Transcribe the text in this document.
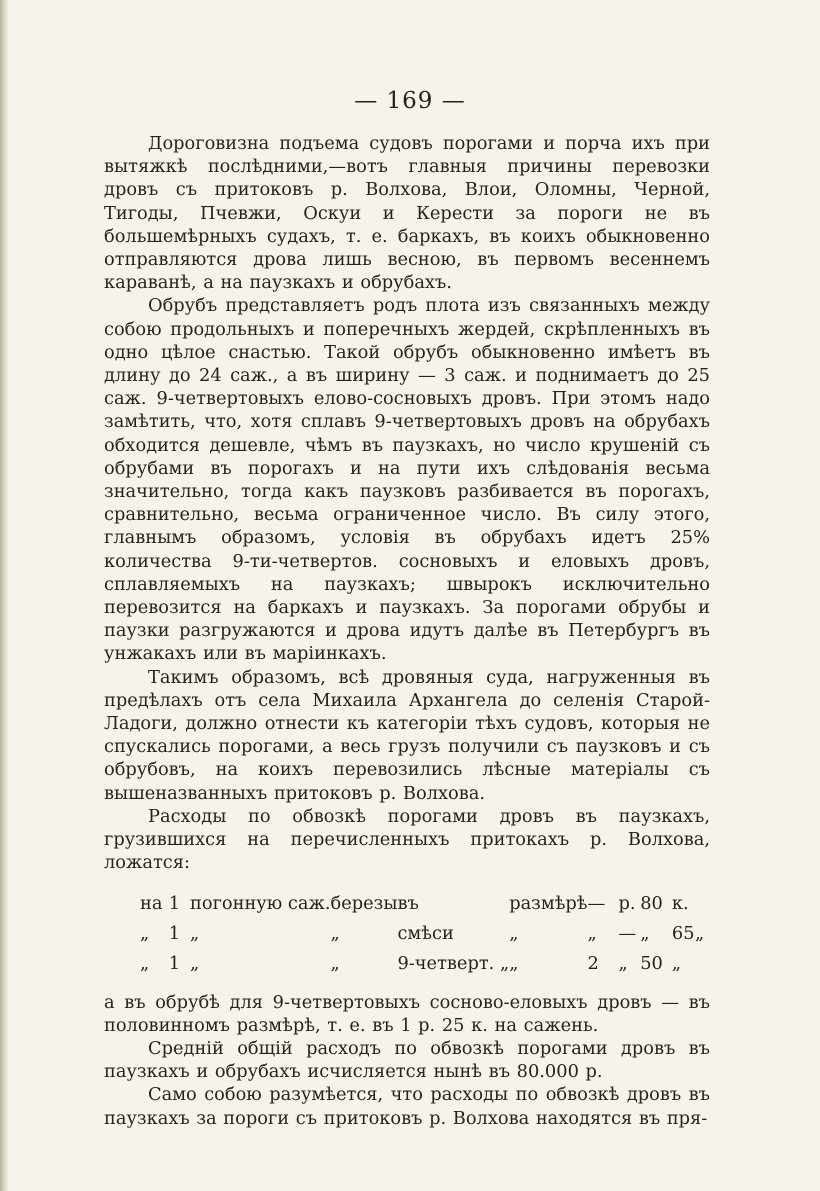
— 169 —

Дороговизна подъема судовъ порогами и порча ихъ при вытяжкѣ послѣдними,—вотъ главныя причины перевозки дровъ съ притоковъ р. Волхова, Влои, Оломны, Черной, Тигоды, Пчевжи, Оскуи и Керести за пороги не въ большемѣрныхъ судахъ, т. е. баркахъ, въ коихъ обыкновенно отправляются дрова лишь весною, въ первомъ весеннемъ караванѣ, а на паузкахъ и обрубахъ.

Обрубъ представляетъ родъ плота изъ связанныхъ между собою продольныхъ и поперечныхъ жердей, скрѣпленныхъ въ одно цѣлое снастью. Такой обрубъ обыкновенно имѣетъ въ длину до 24 саж., а въ ширину — 3 саж. и поднимаетъ до 25 саж. 9-четвертовыхъ елово-сосновыхъ дровъ. При этомъ надо замѣтить, что, хотя сплавъ 9-четвертовыхъ дровъ на обрубахъ обходится дешевле, чѣмъ въ паузкахъ, но число крушеній съ обрубами въ порогахъ и на пути ихъ слѣдованія весьма значительно, тогда какъ паузковъ разбивается въ порогахъ, сравнительно, весьма ограниченное число. Въ силу этого, главнымъ образомъ, условія въ обрубахъ идетъ 25% количества 9-ти-четвертов. сосновыхъ и еловыхъ дровъ, сплавляемыхъ на паузкахъ; швырокъ исключительно перевозится на баркахъ и паузкахъ. За порогами обрубы и паузки разгружаются и дрова идутъ далѣе въ Петербургъ въ унжакахъ или въ маріинкахъ.

Такимъ образомъ, всѣ дровяныя суда, нагруженныя въ предѣлахъ отъ села Михаила Архангела до селенія Старой-Ладоги, должно отнести къ категоріи тѣхъ судовъ, которыя не спускались порогами, а весь грузъ получили съ паузковъ и съ обрубовъ, на коихъ перевозились лѣсные матеріалы съ вышеназванныхъ притоковъ р. Волхова.

Расходы по обвозкѣ порогами дровъ въ паузкахъ, грузившихся на перечисленныхъ притокахъ р. Волхова, ложатся:

на	1	погонную саж.	березы	въ	размѣрѣ	—	р.	80	к.	
„	1	„	„	смѣси	„	„	—	„	65	„
„	1	„	„	9-четверт. „	„	2	„	50	„	

а въ обрубѣ для 9-четвертовыхъ сосново-еловыхъ дровъ — въ половинномъ размѣрѣ, т. е. въ 1 р. 25 к. на сажень.

Среднiй общiй расходъ по обвозкѣ порогами дровъ въ паузкахъ и обрубахъ исчисляется нынѣ въ 80.000 р.

Само собою разумѣется, что расходы по обвозкѣ дровъ въ паузкахъ за пороги съ притоковъ р. Волхова находятся въ пря-
